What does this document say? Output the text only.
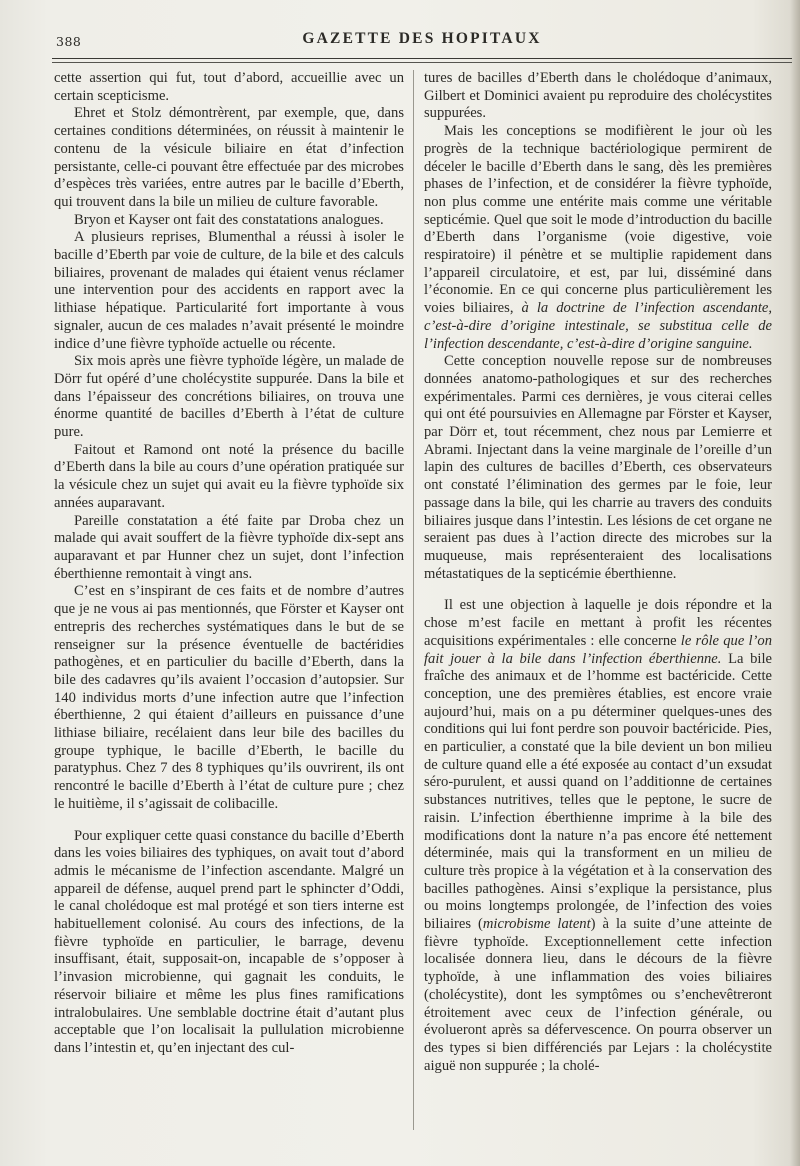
388	GAZETTE DES HOPITAUX

cette assertion qui fut, tout d’abord, accueillie avec un certain scepticisme.

Ehret et Stolz démontrèrent, par exemple, que, dans certaines conditions déterminées, on réussit à maintenir le contenu de la vésicule biliaire en état d’infection persistante, celle-ci pouvant être effectuée par des microbes d’espèces très variées, entre autres par le bacille d’Eberth, qui trouvent dans la bile un milieu de culture favorable.

Bryon et Kayser ont fait des constatations analogues.

A plusieurs reprises, Blumenthal a réussi à isoler le bacille d’Eberth par voie de culture, de la bile et des calculs biliaires, provenant de malades qui étaient venus réclamer une intervention pour des accidents en rapport avec la lithiase hépatique. Particularité fort importante à vous signaler, aucun de ces malades n’avait présenté le moindre indice d’une fièvre typhoïde actuelle ou récente.

Six mois après une fièvre typhoïde légère, un malade de Dörr fut opéré d’une cholécystite suppurée. Dans la bile et dans l’épaisseur des concrétions biliaires, on trouva une énorme quantité de bacilles d’Eberth à l’état de culture pure.

Faitout et Ramond ont noté la présence du bacille d’Eberth dans la bile au cours d’une opération pratiquée sur la vésicule chez un sujet qui avait eu la fièvre typhoïde six années auparavant.

Pareille constatation a été faite par Droba chez un malade qui avait souffert de la fièvre typhoïde dix-sept ans auparavant et par Hunner chez un sujet, dont l’infection éberthienne remontait à vingt ans.

C’est en s’inspirant de ces faits et de nombre d’autres que je ne vous ai pas mentionnés, que Förster et Kayser ont entrepris des recherches systématiques dans le but de se renseigner sur la présence éventuelle de bactéridies pathogènes, et en particulier du bacille d’Eberth, dans la bile des cadavres qu’ils avaient l’occasion d’autopsier. Sur 140 individus morts d’une infection autre que l’infection éberthienne, 2 qui étaient d’ailleurs en puissance d’une lithiase biliaire, recélaient dans leur bile des bacilles du groupe typhique, le bacille d’Eberth, le bacille du paratyphus. Chez 7 des 8 typhiques qu’ils ouvrirent, ils ont rencontré le bacille d’Eberth à l’état de culture pure ; chez le huitième, il s’agissait de colibacille.

Pour expliquer cette quasi constance du bacille d’Eberth dans les voies biliaires des typhiques, on avait tout d’abord admis le mécanisme de l’infection ascendante. Malgré un appareil de défense, auquel prend part le sphincter d’Oddi, le canal cholédoque est mal protégé et son tiers interne est habituellement colonisé. Au cours des infections, de la fièvre typhoïde en particulier, le barrage, devenu insuffisant, était, supposait-on, incapable de s’opposer à l’invasion microbienne, qui gagnait les conduits, le réservoir biliaire et même les plus fines ramifications intralobulaires. Une semblable doctrine était d’autant plus acceptable que l’on localisait la pullulation microbienne dans l’intestin et, qu’en injectant des cul-

tures de bacilles d’Eberth dans le cholédoque d’animaux, Gilbert et Dominici avaient pu reproduire des cholécystites suppurées.

Mais les conceptions se modifièrent le jour où les progrès de la technique bactériologique permirent de déceler le bacille d’Eberth dans le sang, dès les premières phases de l’infection, et de considérer la fièvre typhoïde, non plus comme une entérite mais comme une véritable septicémie. Quel que soit le mode d’introduction du bacille d’Eberth dans l’organisme (voie digestive, voie respiratoire) il pénètre et se multiplie rapidement dans l’appareil circulatoire, et est, par lui, disséminé dans l’économie. En ce qui concerne plus particulièrement les voies biliaires, à la doctrine de l’infection ascendante, c’est-à-dire d’origine intestinale, se substitua celle de l’infection descendante, c’est-à-dire d’origine sanguine.

Cette conception nouvelle repose sur de nombreuses données anatomo-pathologiques et sur des recherches expérimentales. Parmi ces dernières, je vous citerai celles qui ont été poursuivies en Allemagne par Förster et Kayser, par Dörr et, tout récemment, chez nous par Lemierre et Abrami. Injectant dans la veine marginale de l’oreille d’un lapin des cultures de bacilles d’Eberth, ces observateurs ont constaté l’élimination des germes par le foie, leur passage dans la bile, qui les charrie au travers des conduits biliaires jusque dans l’intestin. Les lésions de cet organe ne seraient pas dues à l’action directe des microbes sur la muqueuse, mais représenteraient des localisations métastatiques de la septicémie éberthienne.

Il est une objection à laquelle je dois répondre et la chose m’est facile en mettant à profit les récentes acquisitions expérimentales : elle concerne le rôle que l’on fait jouer à la bile dans l’infection éberthienne. La bile fraîche des animaux et de l’homme est bactéricide. Cette conception, une des premières établies, est encore vraie aujourd’hui, mais on a pu déterminer quelques-unes des conditions qui lui font perdre son pouvoir bactéricide. Pies, en particulier, a constaté que la bile devient un bon milieu de culture quand elle a été exposée au contact d’un exsudat séro-purulent, et aussi quand on l’additionne de certaines substances nutritives, telles que le peptone, le sucre de raisin. L’infection éberthienne imprime à la bile des modifications dont la nature n’a pas encore été nettement déterminée, mais qui la transforment en un milieu de culture très propice à la végétation et à la conservation des bacilles pathogènes. Ainsi s’explique la persistance, plus ou moins longtemps prolongée, de l’infection des voies biliaires (microbisme latent) à la suite d’une atteinte de fièvre typhoïde. Exceptionnellement cette infection localisée donnera lieu, dans le décours de la fièvre typhoïde, à une inflammation des voies biliaires (cholécystite), dont les symptômes ou s’enchevêtreront étroitement avec ceux de l’infection générale, ou évolueront après sa défervescence. On pourra observer un des types si bien différenciés par Lejars : la cholécystite aiguë non suppurée ; la cholé-
